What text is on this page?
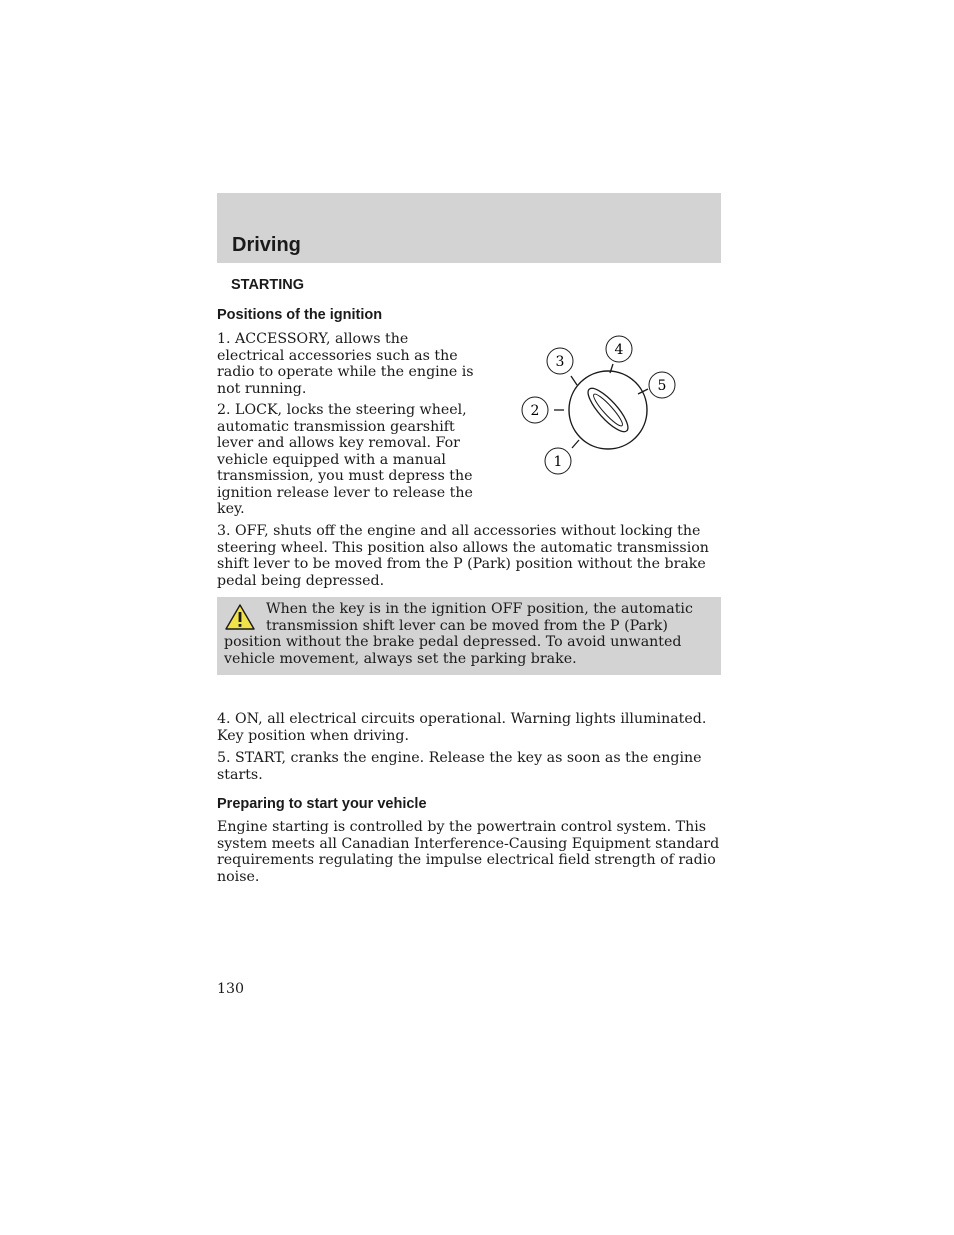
Driving
STARTING
Positions of the ignition

1. ACCESSORY, allows the electrical accessories such as the radio to operate while the engine is not running.

2. LOCK, locks the steering wheel, automatic transmission gearshift lever and allows key removal. For vehicle equipped with a manual transmission, you must depress the ignition release lever to release the key.

1
2
3
4
5

3. OFF, shuts off the engine and all accessories without locking the steering wheel. This position also allows the automatic transmission shift lever to be moved from the P (Park) position without the brake pedal being depressed.

When the key is in the ignition OFF position, the automatic transmission shift lever can be moved from the P (Park) position without the brake pedal depressed. To avoid unwanted vehicle movement, always set the parking brake.

4. ON, all electrical circuits operational. Warning lights illuminated. Key position when driving.

5. START, cranks the engine. Release the key as soon as the engine starts.

Preparing to start your vehicle

Engine starting is controlled by the powertrain control system. This system meets all Canadian Interference-Causing Equipment standard requirements regulating the impulse electrical field strength of radio noise.

130
